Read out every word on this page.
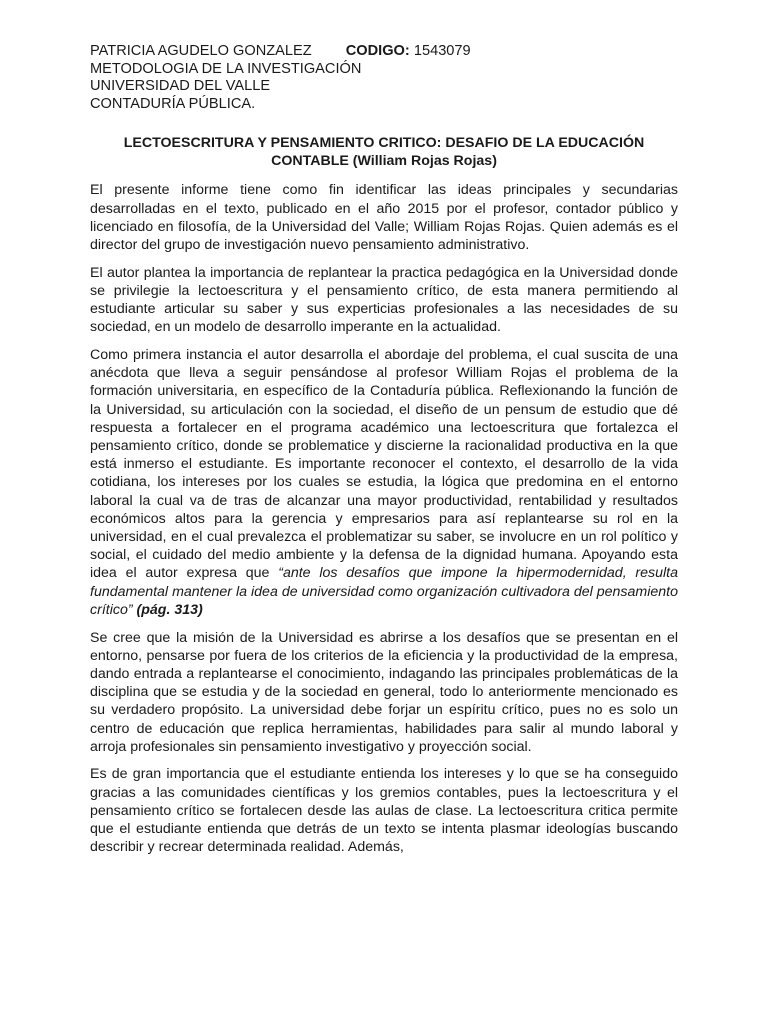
PATRICIA AGUDELO GONZALEZ CODIGO: 1543079
METODOLOGIA DE LA INVESTIGACIÓN
UNIVERSIDAD DEL VALLE
CONTADURÍA PÚBLICA.
LECTOESCRITURA Y PENSAMIENTO CRITICO: DESAFIO DE LA EDUCACIÓN CONTABLE (William Rojas Rojas)

El presente informe tiene como fin identificar las ideas principales y secundarias desarrolladas en el texto, publicado en el año 2015 por el profesor, contador público y licenciado en filosofía, de la Universidad del Valle; William Rojas Rojas. Quien además es el director del grupo de investigación nuevo pensamiento administrativo.

El autor plantea la importancia de replantear la practica pedagógica en la Universidad donde se privilegie la lectoescritura y el pensamiento crítico, de esta manera permitiendo al estudiante articular su saber y sus experticias profesionales a las necesidades de su sociedad, en un modelo de desarrollo imperante en la actualidad.

Como primera instancia el autor desarrolla el abordaje del problema, el cual suscita de una anécdota que lleva a seguir pensándose al profesor William Rojas el problema de la formación universitaria, en específico de la Contaduría pública. Reflexionando la función de la Universidad, su articulación con la sociedad, el diseño de un pensum de estudio que dé respuesta a fortalecer en el programa académico una lectoescritura que fortalezca el pensamiento crítico, donde se problematice y discierne la racionalidad productiva en la que está inmerso el estudiante. Es importante reconocer el contexto, el desarrollo de la vida cotidiana, los intereses por los cuales se estudia, la lógica que predomina en el entorno laboral la cual va de tras de alcanzar una mayor productividad, rentabilidad y resultados económicos altos para la gerencia y empresarios para así replantearse su rol en la universidad, en el cual prevalezca el problematizar su saber, se involucre en un rol político y social, el cuidado del medio ambiente y la defensa de la dignidad humana. Apoyando esta idea el autor expresa que “ante los desafíos que impone la hipermodernidad, resulta fundamental mantener la idea de universidad como organización cultivadora del pensamiento crítico” (pág. 313)

Se cree que la misión de la Universidad es abrirse a los desafíos que se presentan en el entorno, pensarse por fuera de los criterios de la eficiencia y la productividad de la empresa, dando entrada a replantearse el conocimiento, indagando las principales problemáticas de la disciplina que se estudia y de la sociedad en general, todo lo anteriormente mencionado es su verdadero propósito. La universidad debe forjar un espíritu crítico, pues no es solo un centro de educación que replica herramientas, habilidades para salir al mundo laboral y arroja profesionales sin pensamiento investigativo y proyección social.

Es de gran importancia que el estudiante entienda los intereses y lo que se ha conseguido gracias a las comunidades científicas y los gremios contables, pues la lectoescritura y el pensamiento crítico se fortalecen desde las aulas de clase. La lectoescritura critica permite que el estudiante entienda que detrás de un texto se intenta plasmar ideologías buscando describir y recrear determinada realidad. Además,
